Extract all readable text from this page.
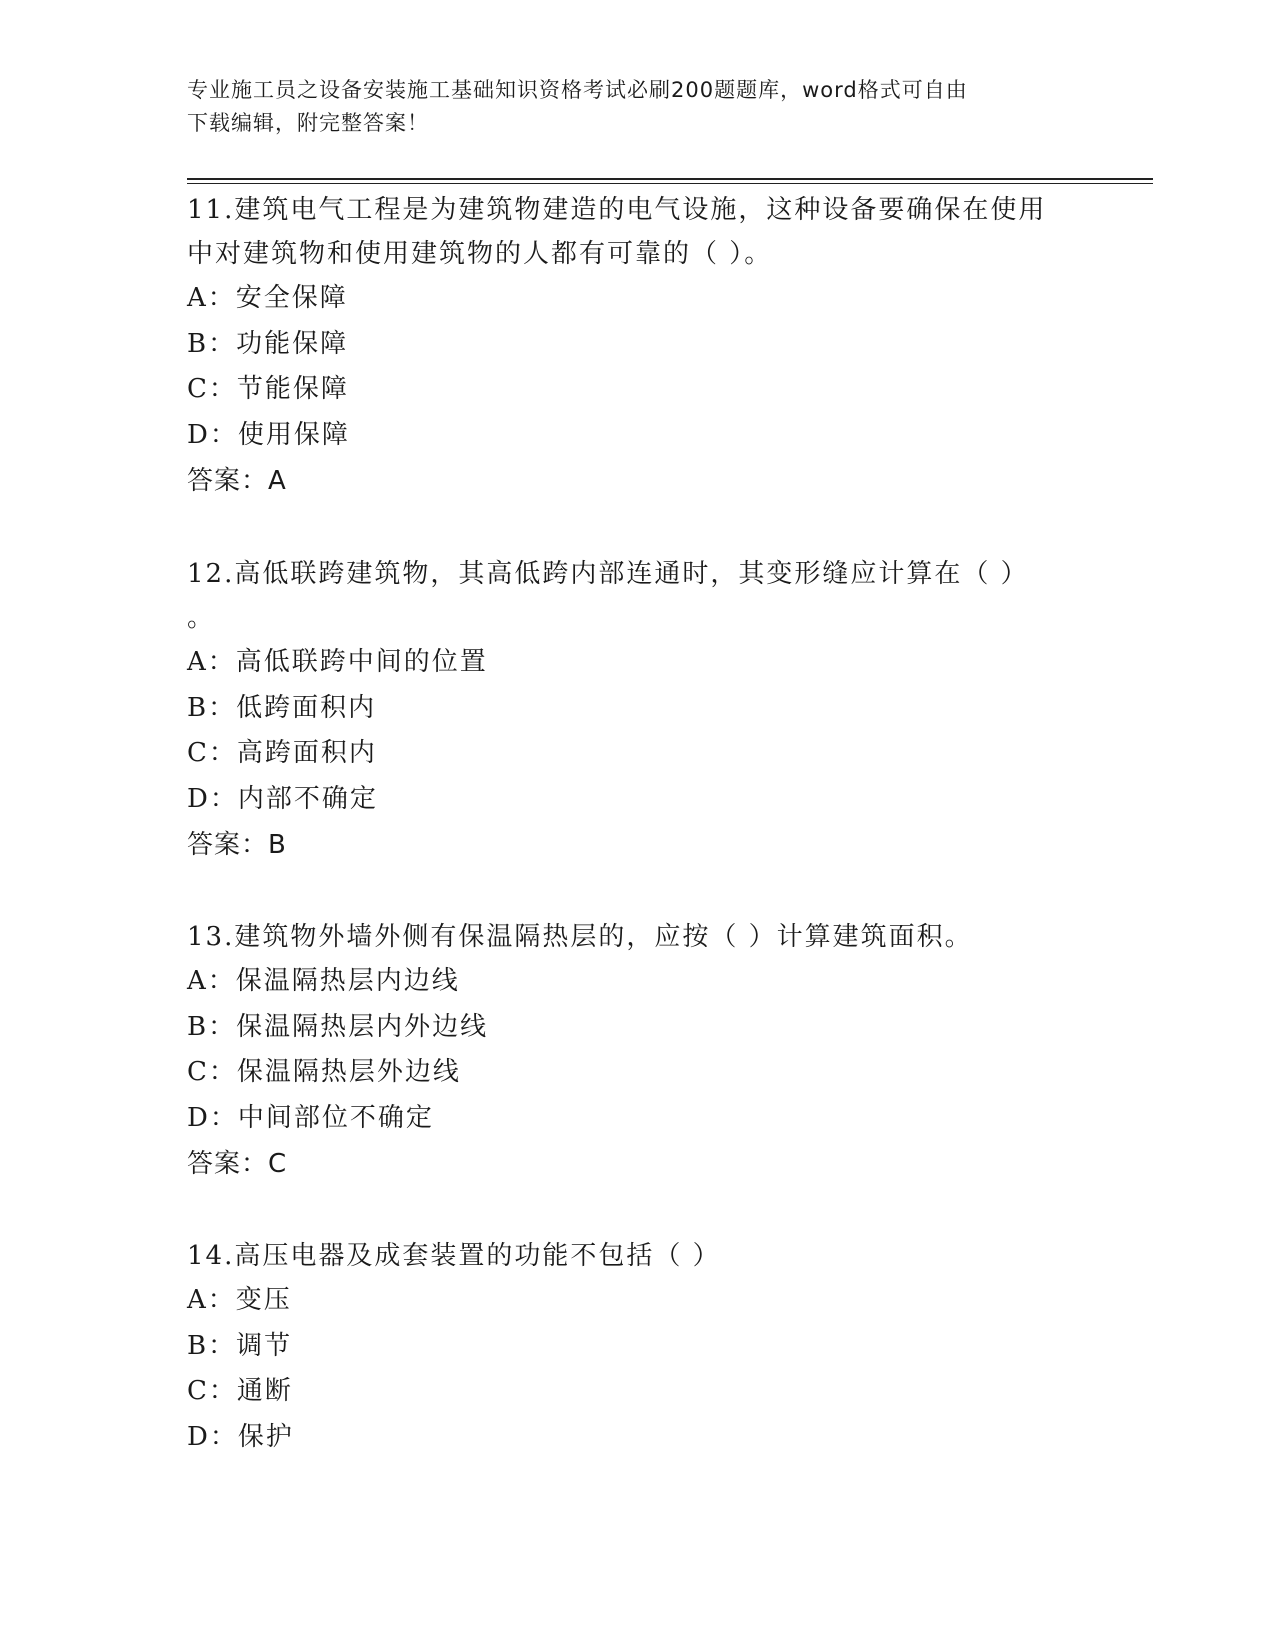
专业施工员之设备安装施工基础知识资格考试必刷200题题库，word格式可自由
下载编辑，附完整答案！

11.建筑电气工程是为建筑物建造的电气设施，这种设备要确保在使用

中对建筑物和使用建筑物的人都有可靠的（ ）。

A：安全保障

B：功能保障

C：节能保障

D：使用保障

答案：A

12.高低联跨建筑物，其高低跨内部连通时，其变形缝应计算在（ ）

。

A：高低联跨中间的位置

B：低跨面积内

C：高跨面积内

D：内部不确定

答案：B

13.建筑物外墙外侧有保温隔热层的，应按（ ）计算建筑面积。

A：保温隔热层内边线

B：保温隔热层内外边线

C：保温隔热层外边线

D：中间部位不确定

答案：C

14.高压电器及成套装置的功能不包括（ ）

A：变压

B：调节

C：通断

D：保护
